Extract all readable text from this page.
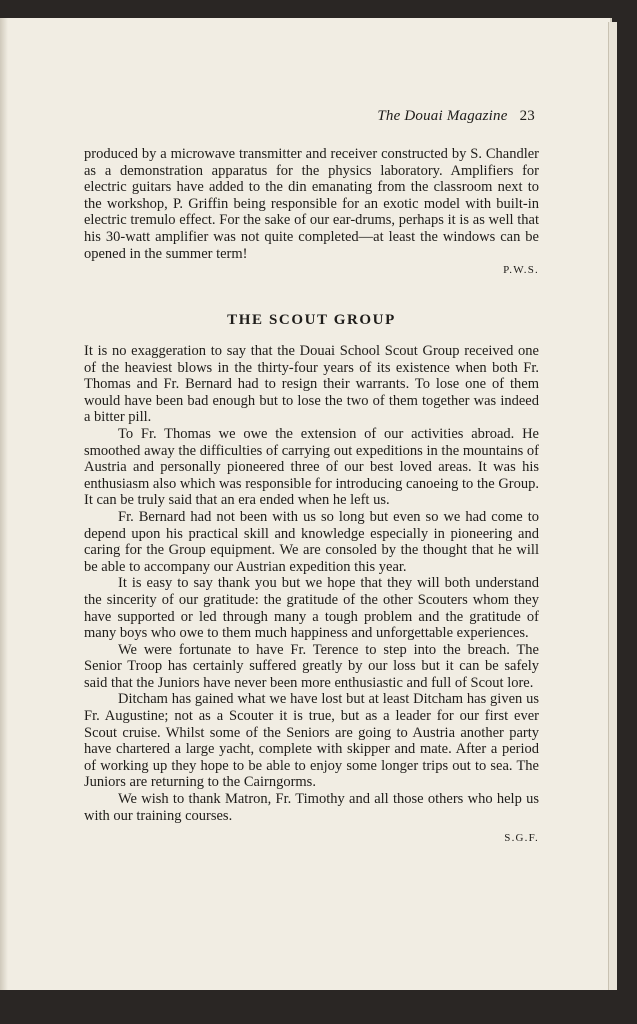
The Douai Magazine 23

produced by a microwave transmitter and receiver constructed by S. Chandler as a demonstration apparatus for the physics laboratory. Amplifiers for electric guitars have added to the din emanating from the classroom next to the workshop, P. Griffin being responsible for an exotic model with built-in electric tremulo effect. For the sake of our ear-drums, perhaps it is as well that his 30-watt amplifier was not quite completed—at least the windows can be opened in the summer term!

P.W.S.

THE SCOUT GROUP

It is no exaggeration to say that the Douai School Scout Group received one of the heaviest blows in the thirty-four years of its existence when both Fr. Thomas and Fr. Bernard had to resign their warrants. To lose one of them would have been bad enough but to lose the two of them together was indeed a bitter pill.

To Fr. Thomas we owe the extension of our activities abroad. He smoothed away the difficulties of carrying out expeditions in the mountains of Austria and personally pioneered three of our best loved areas. It was his enthusiasm also which was responsible for introducing canoeing to the Group. It can be truly said that an era ended when he left us.

Fr. Bernard had not been with us so long but even so we had come to depend upon his practical skill and knowledge especially in pioneering and caring for the Group equipment. We are consoled by the thought that he will be able to accompany our Austrian expedition this year.

It is easy to say thank you but we hope that they will both understand the sincerity of our gratitude: the gratitude of the other Scouters whom they have supported or led through many a tough problem and the gratitude of many boys who owe to them much happiness and unforgettable experiences.

We were fortunate to have Fr. Terence to step into the breach. The Senior Troop has certainly suffered greatly by our loss but it can be safely said that the Juniors have never been more enthusiastic and full of Scout lore.

Ditcham has gained what we have lost but at least Ditcham has given us Fr. Augustine; not as a Scouter it is true, but as a leader for our first ever Scout cruise. Whilst some of the Seniors are going to Austria another party have chartered a large yacht, complete with skipper and mate. After a period of working up they hope to be able to enjoy some longer trips out to sea. The Juniors are returning to the Cairngorms.

We wish to thank Matron, Fr. Timothy and all those others who help us with our training courses.

S.G.F.
